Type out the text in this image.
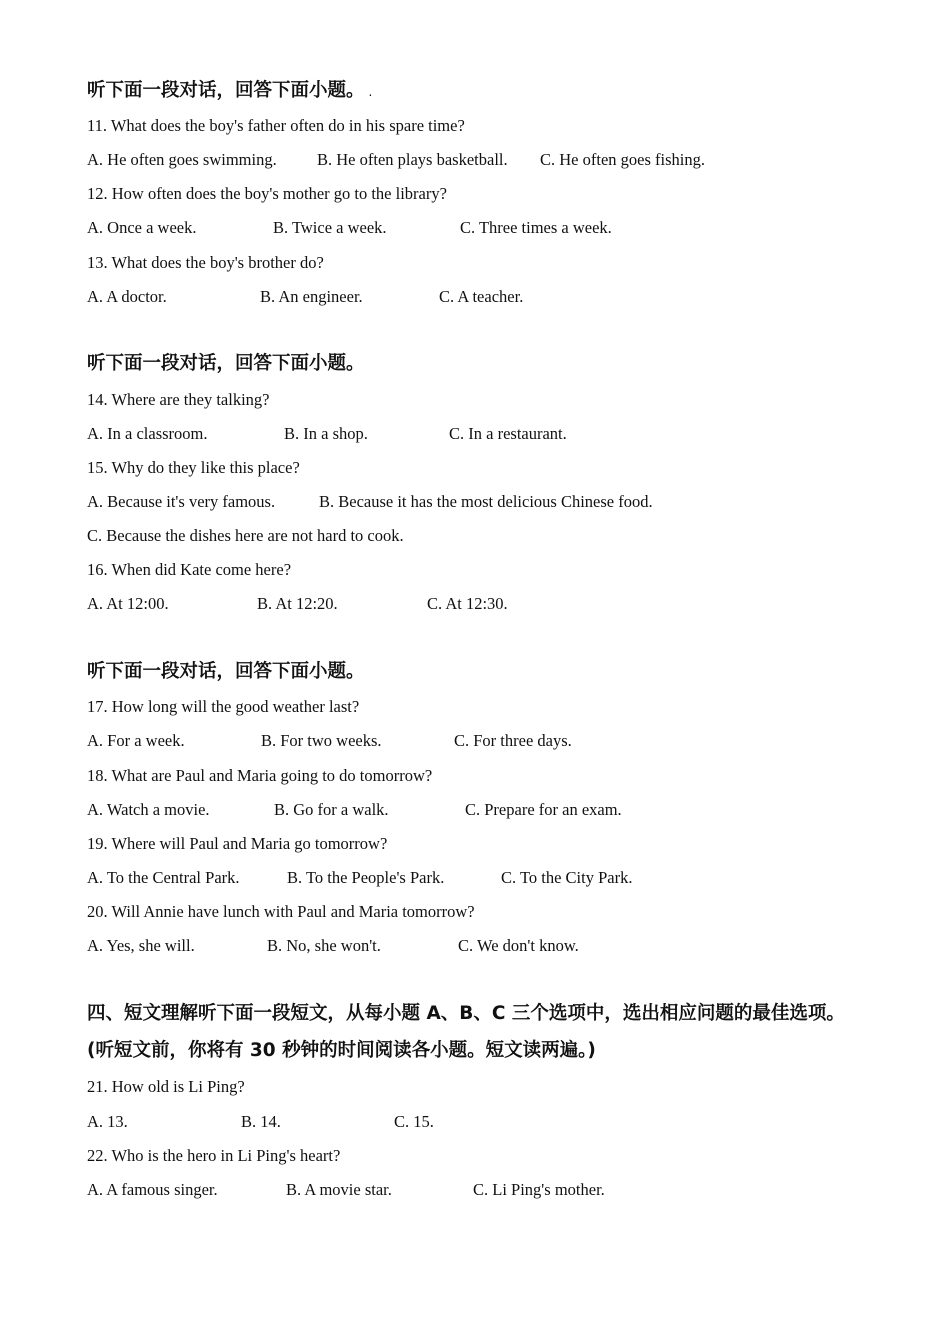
听下面一段对话，回答下面小题。 .
11. What does the boy's father often do in his spare time?
A. He often goes swimming. B. He often plays basketball. C. He often goes fishing.
12. How often does the boy's mother go to the library?
A. Once a week.	B. Twice a week.	C. Three times a week.
13. What does the boy's brother do?
A. A doctor.	B. An engineer.	C. A teacher.
听下面一段对话，回答下面小题。
14. Where are they talking?
A. In a classroom.	B. In a shop.	C. In a restaurant.
15. Why do they like this place?
A. Because it's very famous.	B. Because it has the most delicious Chinese food.
C. Because the dishes here are not hard to cook.
16. When did Kate come here?
A. At 12:00.	B. At 12:20.	C. At 12:30.
听下面一段对话，回答下面小题。
17. How long will the good weather last?
A. For a week.	B. For two weeks.	C. For three days.
18. What are Paul and Maria going to do tomorrow?
A. Watch a movie.	B. Go for a walk.	C. Prepare for an exam.
19. Where will Paul and Maria go tomorrow?
A. To the Central Park.	B. To the People's Park.	C. To the City Park.
20. Will Annie have lunch with Paul and Maria tomorrow?
A. Yes, she will.	B. No, she won't.	C. We don't know.
四、短文理解听下面一段短文，从每小题 A、B、C 三个选项中，选出相应问题的最佳选项。
(听短文前，你将有 30 秒钟的时间阅读各小题。短文读两遍。)
21. How old is Li Ping?
A. 13.	B. 14.	C. 15.
22. Who is the hero in Li Ping's heart?
A. A famous singer.	B. A movie star.	C. Li Ping's mother.
